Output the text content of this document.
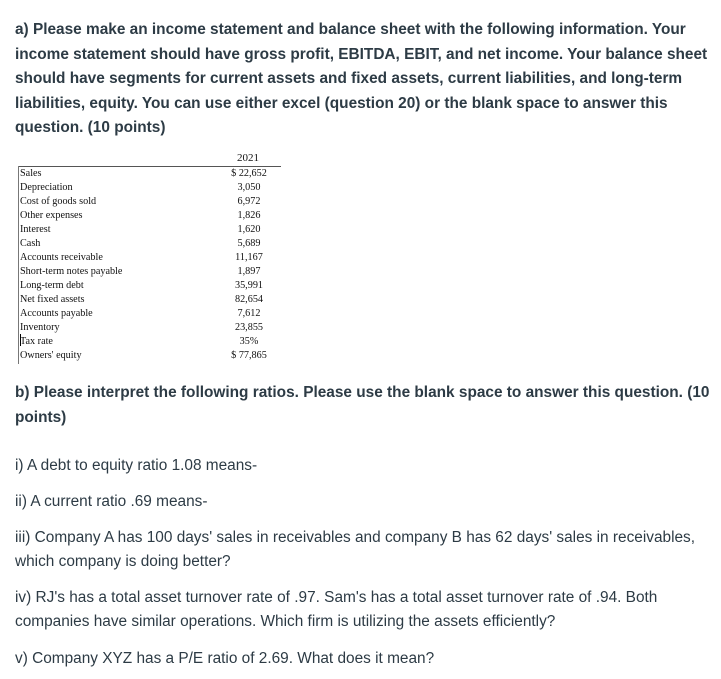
a) Please make an income statement and balance sheet with the following information. Your income statement should have gross profit, EBITDA, EBIT, and net income. Your balance sheet should have segments for current assets and fixed assets, current liabilities, and long-term liabilities, equity. You can use either excel (question 20) or the blank space to answer this question. (10 points)
2021
Sales	$ 22,652
Depreciation	3,050
Cost of goods sold	6,972
Other expenses	1,826
Interest	1,620
Cash	5,689
Accounts receivable	11,167
Short-term notes payable	1,897
Long-term debt	35,991
Net fixed assets	82,654
Accounts payable	7,612
Inventory	23,855
Tax rate	35%
Owners' equity	$ 77,865
b) Please interpret the following ratios. Please use the blank space to answer this question. (10 points)
i) A debt to equity ratio 1.08 means-
ii) A current ratio .69 means-
iii) Company A has 100 days' sales in receivables and company B has 62 days' sales in receivables, which company is doing better?
iv) RJ's has a total asset turnover rate of .97. Sam's has a total asset turnover rate of .94. Both companies have similar operations. Which firm is utilizing the assets efficiently?
v) Company XYZ has a P/E ratio of 2.69. What does it mean?
